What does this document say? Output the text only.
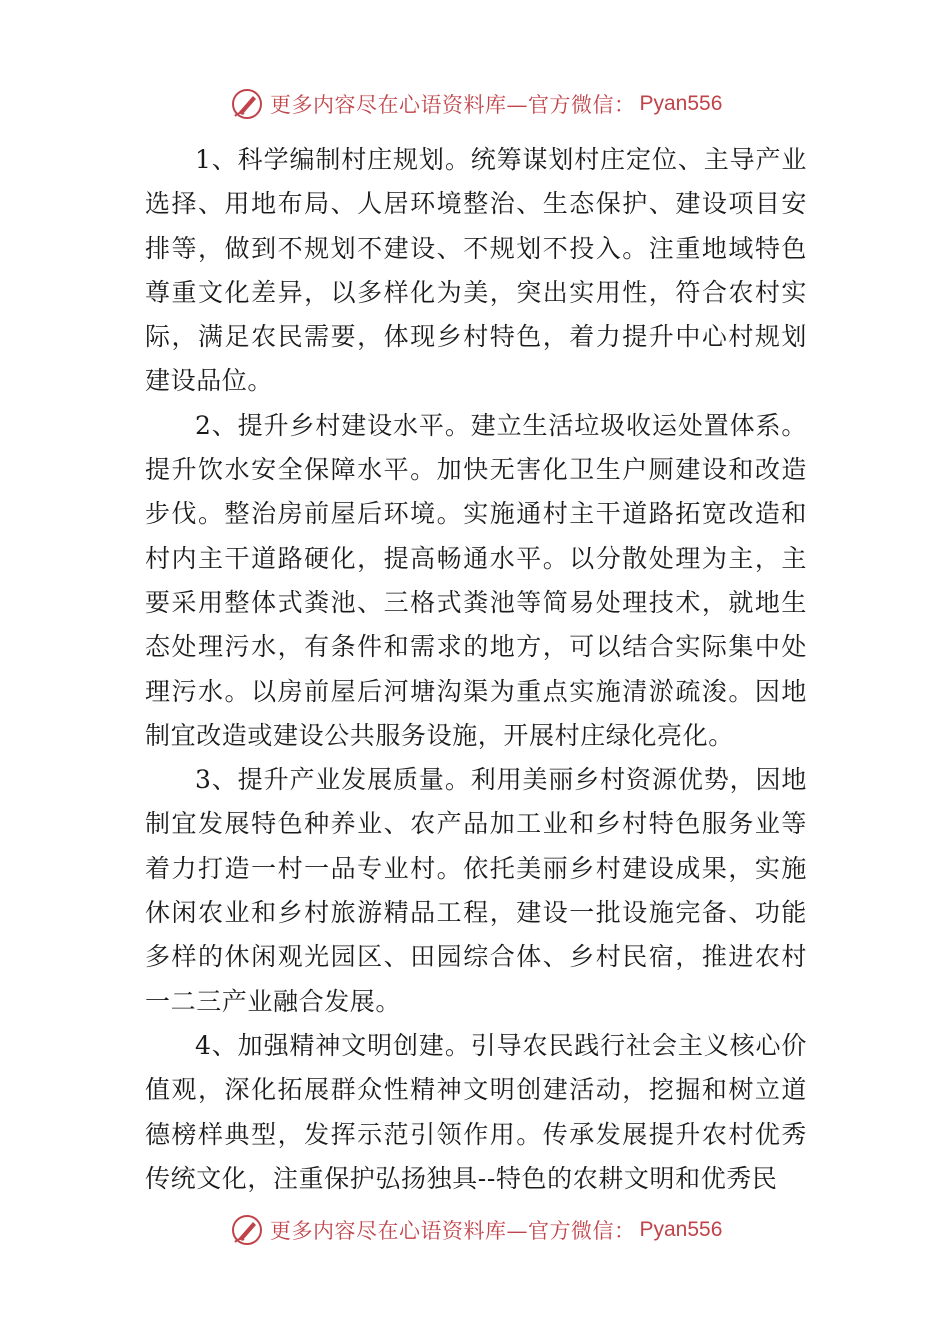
更多内容尽在心语资料库—官方微信： Pyan556

1、科学编制村庄规划。统筹谋划村庄定位、主导产业选择、用地布局、人居环境整治、生态保护、建设项目安排等，做到不规划不建设、不规划不投入。注重地域特色尊重文化差异，以多样化为美，突出实用性，符合农村实际，满足农民需要，体现乡村特色，着力提升中心村规划建设品位。

2、提升乡村建设水平。建立生活垃圾收运处置体系。提升饮水安全保障水平。加快无害化卫生户厕建设和改造步伐。整治房前屋后环境。实施通村主干道路拓宽改造和村内主干道路硬化，提高畅通水平。以分散处理为主，主要采用整体式粪池、三格式粪池等简易处理技术，就地生态处理污水，有条件和需求的地方，可以结合实际集中处理污水。以房前屋后河塘沟渠为重点实施清淤疏浚。因地制宜改造或建设公共服务设施，开展村庄绿化亮化。

3、提升产业发展质量。利用美丽乡村资源优势，因地制宜发展特色种养业、农产品加工业和乡村特色服务业等着力打造一村一品专业村。依托美丽乡村建设成果，实施休闲农业和乡村旅游精品工程，建设一批设施完备、功能多样的休闲观光园区、田园综合体、乡村民宿，推进农村一二三产业融合发展。

4、加强精神文明创建。引导农民践行社会主义核心价值观，深化拓展群众性精神文明创建活动，挖掘和树立道德榜样典型，发挥示范引领作用。传承发展提升农村优秀传统文化，注重保护弘扬独具--特色的农耕文明和优秀民

更多内容尽在心语资料库—官方微信： Pyan556
